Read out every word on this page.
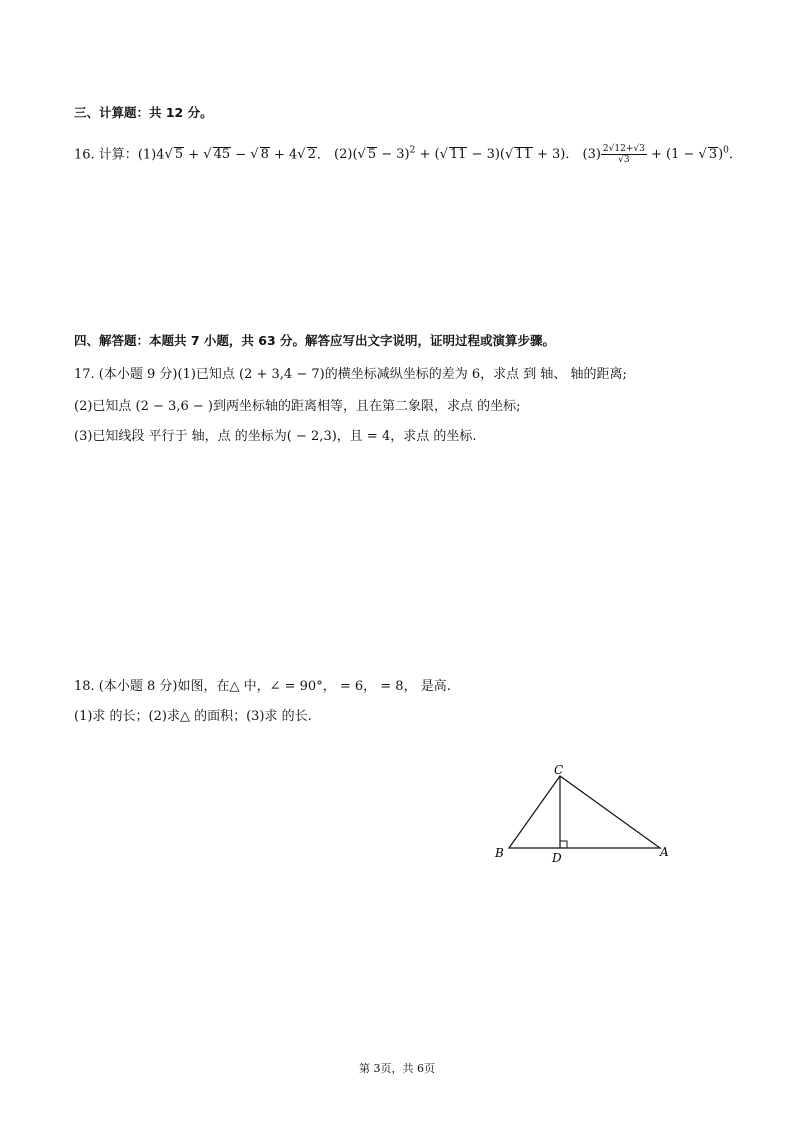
三、计算题：共 12 分。
16. 计算：(1)4√ 5 + √ 45 − √ 8 + 4√ 2． (2)(√ 5 − 3)$^2$ + (√ 11 − 3)(√ 11 + 3)． $(3) \frac{2√12+√3}{√3} + (1$ − √ 3)$^0$．
四、解答题：本题共 7 小题，共 63 分。解答应写出文字说明，证明过程或演算步骤。
17. (本小题 9 分)(1)已知点 (2 + 3,4 − 7)的横坐标减纵坐标的差为 6，求点 到 轴、 轴的距离;
(2)已知点 (2 − 3,6 − )到两坐标轴的距离相等，且在第二象限，求点 的坐标;
(3)已知线段 平行于 轴，点 的坐标为( − 2,3)，且 = 4，求点 的坐标.
18. (本小题 8 分)如图，在△ 中，∠ = 90°， = 6， = 8， 是高.
(1)求 的长；(2)求△ 的面积；(3)求 的长.
C
B	D	A
第 3页，共 6页
